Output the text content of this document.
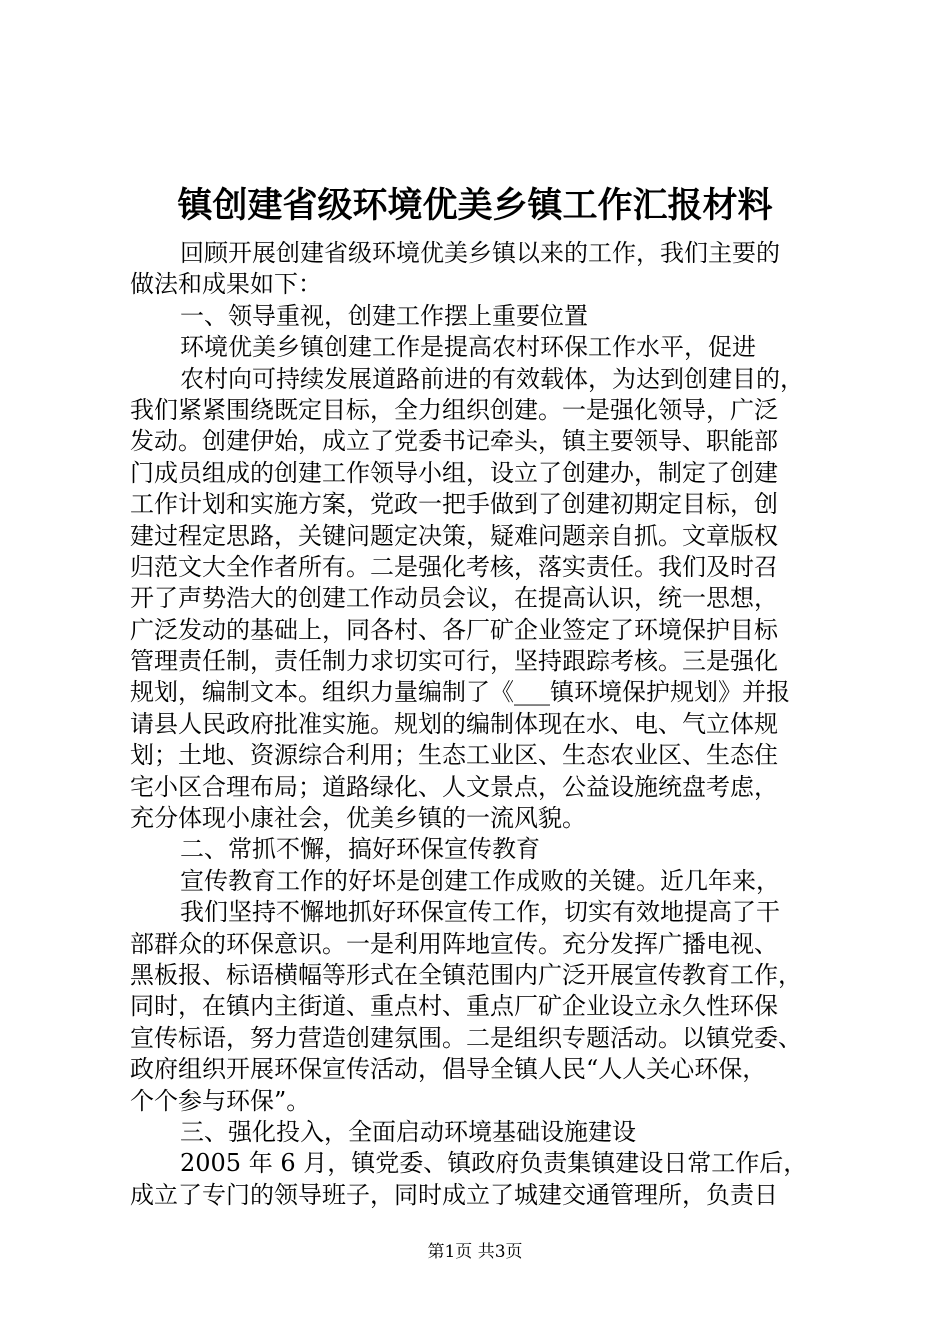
镇创建省级环境优美乡镇工作汇报材料
回顾开展创建省级环境优美乡镇以来的工作，我们主要的
做法和成果如下：
一、领导重视，创建工作摆上重要位置
环境优美乡镇创建工作是提高农村环保工作水平，促进
农村向可持续发展道路前进的有效载体，为达到创建目的，
我们紧紧围绕既定目标，全力组织创建。一是强化领导，广泛
发动。创建伊始，成立了党委书记牵头，镇主要领导、职能部
门成员组成的创建工作领导小组，设立了创建办，制定了创建
工作计划和实施方案，党政一把手做到了创建初期定目标，创
建过程定思路，关键问题定决策，疑难问题亲自抓。文章版权
归范文大全作者所有。二是强化考核，落实责任。我们及时召
开了声势浩大的创建工作动员会议，在提高认识，统一思想，
广泛发动的基础上，同各村、各厂矿企业签定了环境保护目标
管理责任制，责任制力求切实可行，坚持跟踪考核。三是强化
规划，编制文本。组织力量编制了《___镇环境保护规划》并报
请县人民政府批准实施。规划的编制体现在水、电、气立体规
划；土地、资源综合利用；生态工业区、生态农业区、生态住
宅小区合理布局；道路绿化、人文景点，公益设施统盘考虑，
充分体现小康社会，优美乡镇的一流风貌。
二、常抓不懈，搞好环保宣传教育
宣传教育工作的好坏是创建工作成败的关键。近几年来，
我们坚持不懈地抓好环保宣传工作，切实有效地提高了干
部群众的环保意识。一是利用阵地宣传。充分发挥广播电视、
黑板报、标语横幅等形式在全镇范围内广泛开展宣传教育工作，
同时，在镇内主街道、重点村、重点厂矿企业设立永久性环保
宣传标语，努力营造创建氛围。二是组织专题活动。以镇党委、
政府组织开展环保宣传活动，倡导全镇人民“人人关心环保，
个个参与环保”。
三、强化投入，全面启动环境基础设施建设
2005 年 6 月，镇党委、镇政府负责集镇建设日常工作后，
成立了专门的领导班子，同时成立了城建交通管理所，负责日
第1页 共3页
